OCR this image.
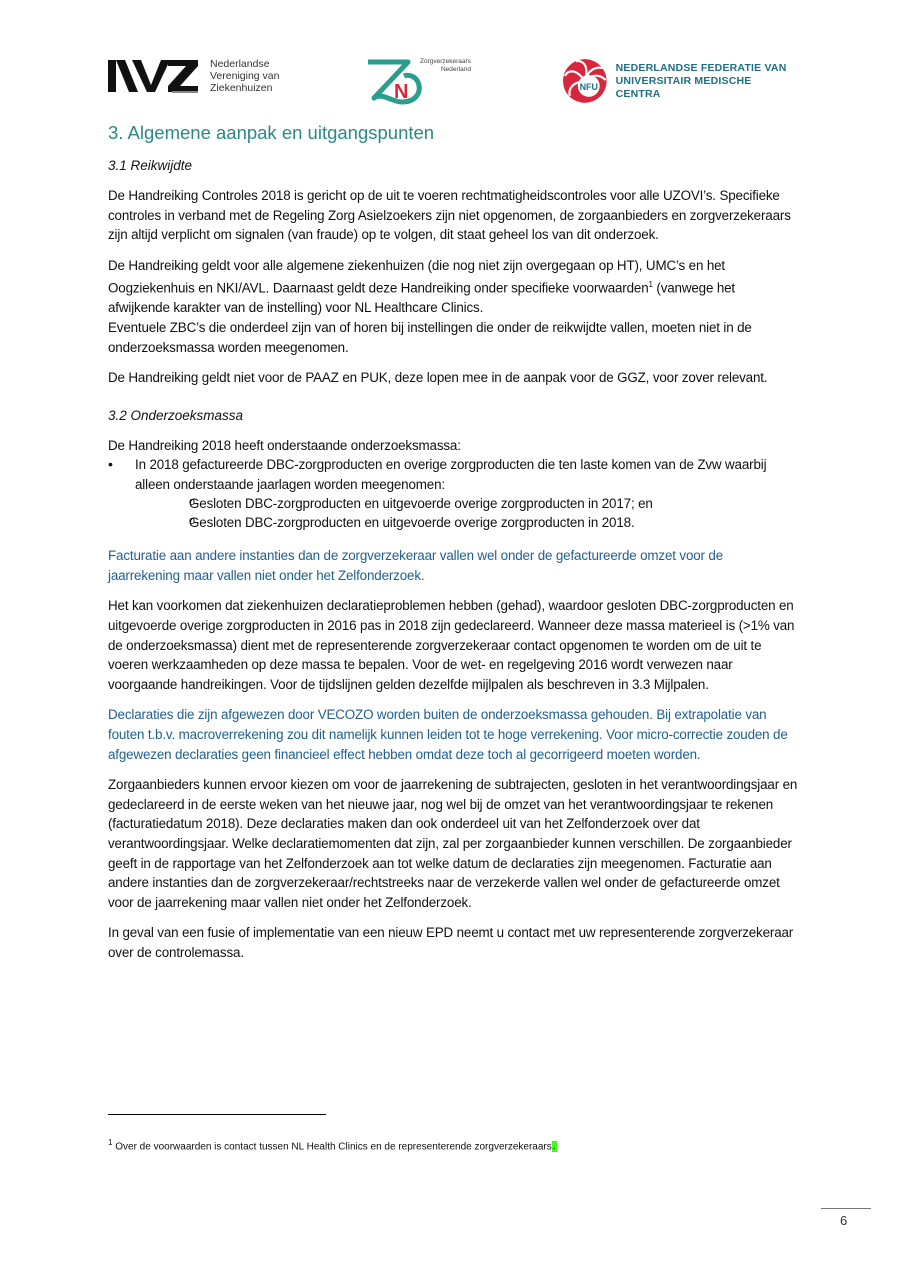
Nederlandse
Vereniging van
Ziekenhuizen	N
Zorgverzekeraars
Nederland
NFU
NEDERLANDSE FEDERATIE VAN
UNIVERSITAIR MEDISCHE CENTRA
3. Algemene aanpak en uitgangspunten
3.1 Reikwijdte

De Handreiking Controles 2018 is gericht op de uit te voeren rechtmatigheidscontroles voor alle UZOVI’s. Specifieke controles in verband met de Regeling Zorg Asielzoekers zijn niet opgenomen, de zorgaanbieders en zorgverzekeraars zijn altijd verplicht om signalen (van fraude) op te volgen, dit staat geheel los van dit onderzoek.

De Handreiking geldt voor alle algemene ziekenhuizen (die nog niet zijn overgegaan op HT), UMC’s en het Oogziekenhuis en NKI/AVL. Daarnaast geldt deze Handreiking onder specifieke voorwaarden$^1$ (vanwege het afwijkende karakter van de instelling) voor NL Healthcare Clinics.

Eventuele ZBC’s die onderdeel zijn van of horen bij instellingen die onder de reikwijdte vallen, moeten niet in de onderzoeksmassa worden meegenomen.

De Handreiking geldt niet voor de PAAZ en PUK, deze lopen mee in de aanpak voor de GGZ, voor zover relevant.

3.2 Onderzoeksmassa

De Handreiking 2018 heeft onderstaande onderzoeksmassa:

• In 2018 gefactureerde DBC-zorgproducten en overige zorgproducten die ten laste komen van de Zvw waarbij alleen onderstaande jaarlagen worden meegenomen:
o Gesloten DBC-zorgproducten en uitgevoerde overige zorgproducten in 2017; en
o Gesloten DBC-zorgproducten en uitgevoerde overige zorgproducten in 2018.

Facturatie aan andere instanties dan de zorgverzekeraar vallen wel onder de gefactureerde omzet voor de jaarrekening maar vallen niet onder het Zelfonderzoek.

Het kan voorkomen dat ziekenhuizen declaratieproblemen hebben (gehad), waardoor gesloten DBC-zorgproducten en uitgevoerde overige zorgproducten in 2016 pas in 2018 zijn gedeclareerd. Wanneer deze massa materieel is (>1% van de onderzoeksmassa) dient met de representerende zorgverzekeraar contact opgenomen te worden om de uit te voeren werkzaamheden op deze massa te bepalen. Voor de wet- en regelgeving 2016 wordt verwezen naar voorgaande handreikingen. Voor de tijdslijnen gelden dezelfde mijlpalen als beschreven in 3.3 Mijlpalen.

Declaraties die zijn afgewezen door VECOZO worden buiten de onderzoeksmassa gehouden. Bij extrapolatie van fouten t.b.v. macroverrekening zou dit namelijk kunnen leiden tot te hoge verrekening. Voor micro-correctie zouden de afgewezen declaraties geen financieel effect hebben omdat deze toch al gecorrigeerd moeten worden.

Zorgaanbieders kunnen ervoor kiezen om voor de jaarrekening de subtrajecten, gesloten in het verantwoordingsjaar en gedeclareerd in de eerste weken van het nieuwe jaar, nog wel bij de omzet van het verantwoordingsjaar te rekenen (facturatiedatum 2018). Deze declaraties maken dan ook onderdeel uit van het Zelfonderzoek over dat verantwoordingsjaar. Welke declaratiemomenten dat zijn, zal per zorgaanbieder kunnen verschillen. De zorgaanbieder geeft in de rapportage van het Zelfonderzoek aan tot welke datum de declaraties zijn meegenomen. Facturatie aan andere instanties dan de zorgverzekeraar/rechtstreeks naar de verzekerde vallen wel onder de gefactureerde omzet voor de jaarrekening maar vallen niet onder het Zelfonderzoek.

In geval van een fusie of implementatie van een nieuw EPD neemt u contact met uw representerende zorgverzekeraar over de controlemassa.

$^1$ Over de voorwaarden is contact tussen NL Health Clinics en de representerende zorgverzekeraars.
6
